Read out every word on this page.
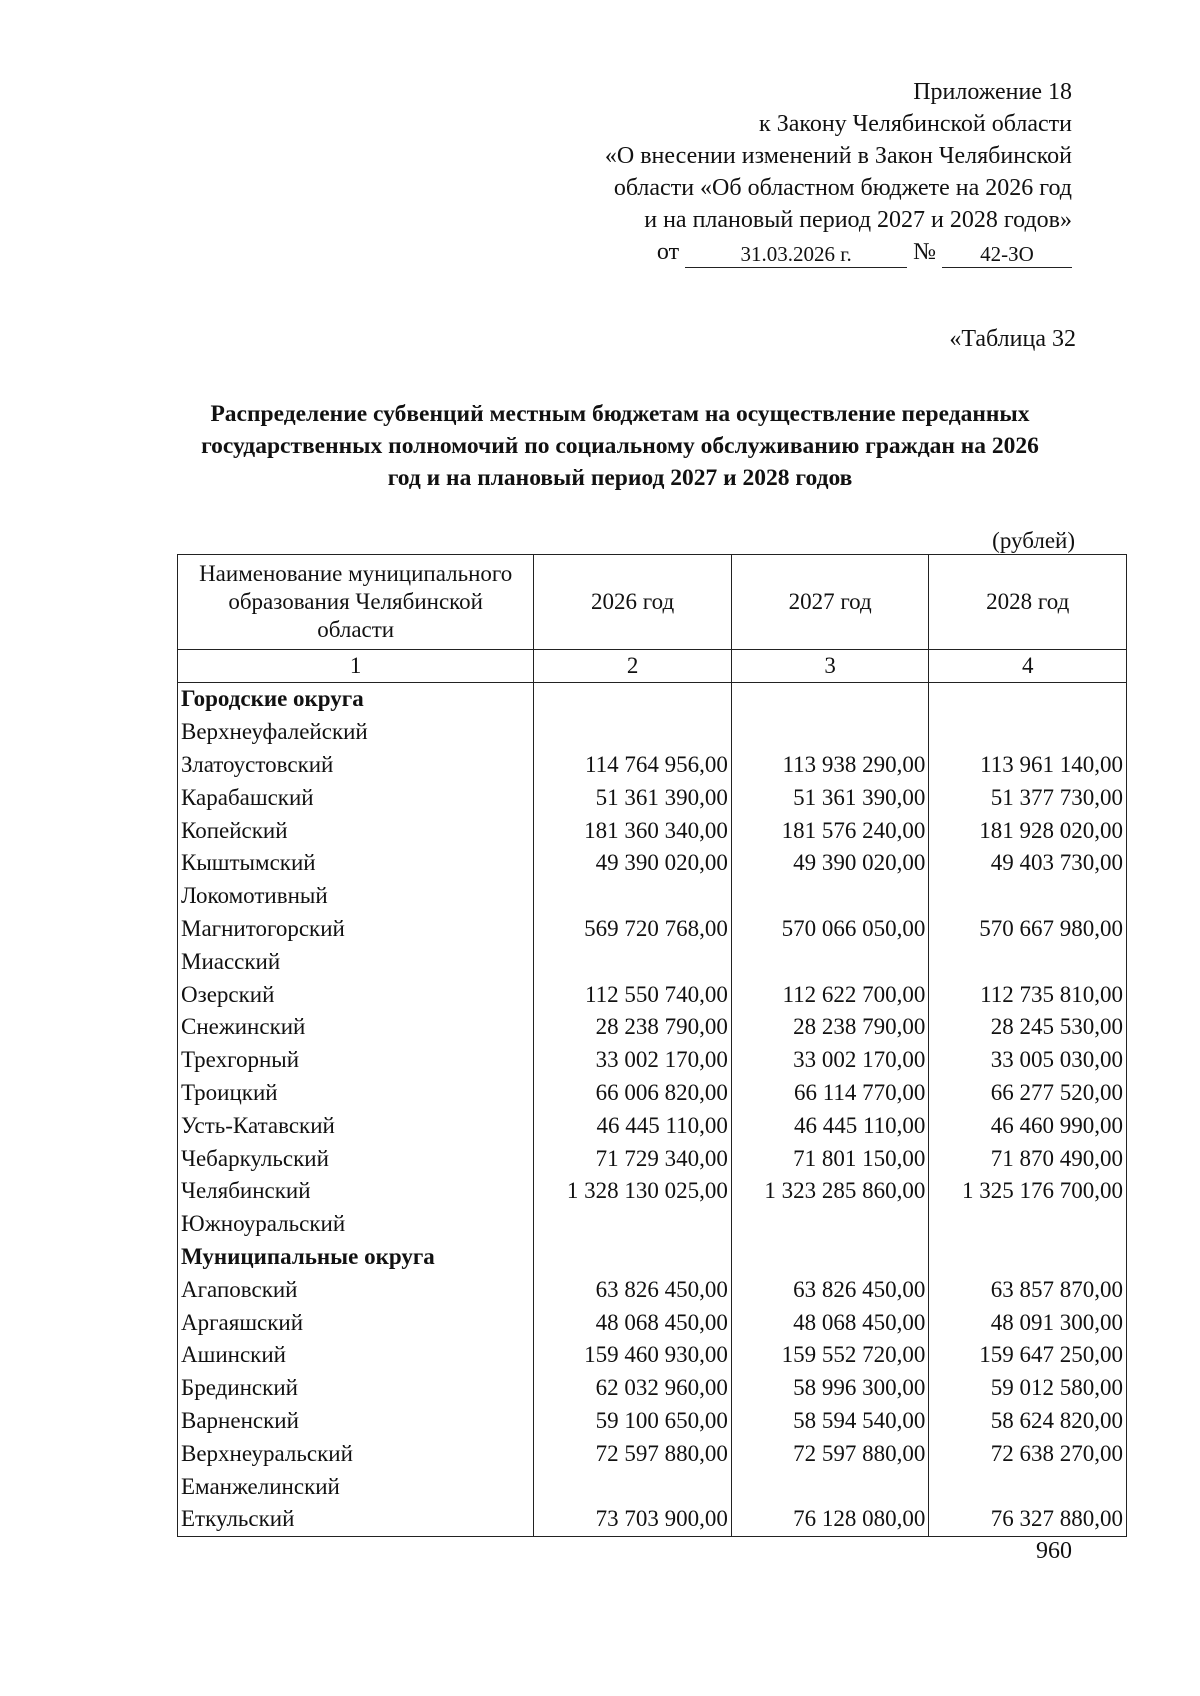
Приложение 18
к Закону Челябинской области
«О внесении изменений в Закон Челябинской
области «Об областном бюджете на 2026 год
и на плановый период 2027 и 2028 годов»
от	31.03.2026 г.	№	42-ЗО
«Таблица 32
Распределение субвенций местным бюджетам на осуществление переданных
государственных полномочий по социальному обслуживанию граждан на 2026
год и на плановый период 2027 и 2028 годов
(рублей)
Наименование муниципального
образования Челябинской
области	2026 год	2027 год	2028 год
1	2	3	4
Городские округа			
Верхнеуфалейский			
Златоустовский	114 764 956,00	113 938 290,00	113 961 140,00
Карабашский	51 361 390,00	51 361 390,00	51 377 730,00
Копейский	181 360 340,00	181 576 240,00	181 928 020,00
Кыштымский	49 390 020,00	49 390 020,00	49 403 730,00
Локомотивный			
Магнитогорский	569 720 768,00	570 066 050,00	570 667 980,00
Миасский			
Озерский	112 550 740,00	112 622 700,00	112 735 810,00
Снежинский	28 238 790,00	28 238 790,00	28 245 530,00
Трехгорный	33 002 170,00	33 002 170,00	33 005 030,00
Троицкий	66 006 820,00	66 114 770,00	66 277 520,00
Усть-Катавский	46 445 110,00	46 445 110,00	46 460 990,00
Чебаркульский	71 729 340,00	71 801 150,00	71 870 490,00
Челябинский	1 328 130 025,00	1 323 285 860,00	1 325 176 700,00
Южноуральский			
Муниципальные округа			
Агаповский	63 826 450,00	63 826 450,00	63 857 870,00
Аргаяшский	48 068 450,00	48 068 450,00	48 091 300,00
Ашинский	159 460 930,00	159 552 720,00	159 647 250,00
Брединский	62 032 960,00	58 996 300,00	59 012 580,00
Варненский	59 100 650,00	58 594 540,00	58 624 820,00
Верхнеуральский	72 597 880,00	72 597 880,00	72 638 270,00
Еманжелинский			
Еткульский	73 703 900,00	76 128 080,00	76 327 880,00
960
